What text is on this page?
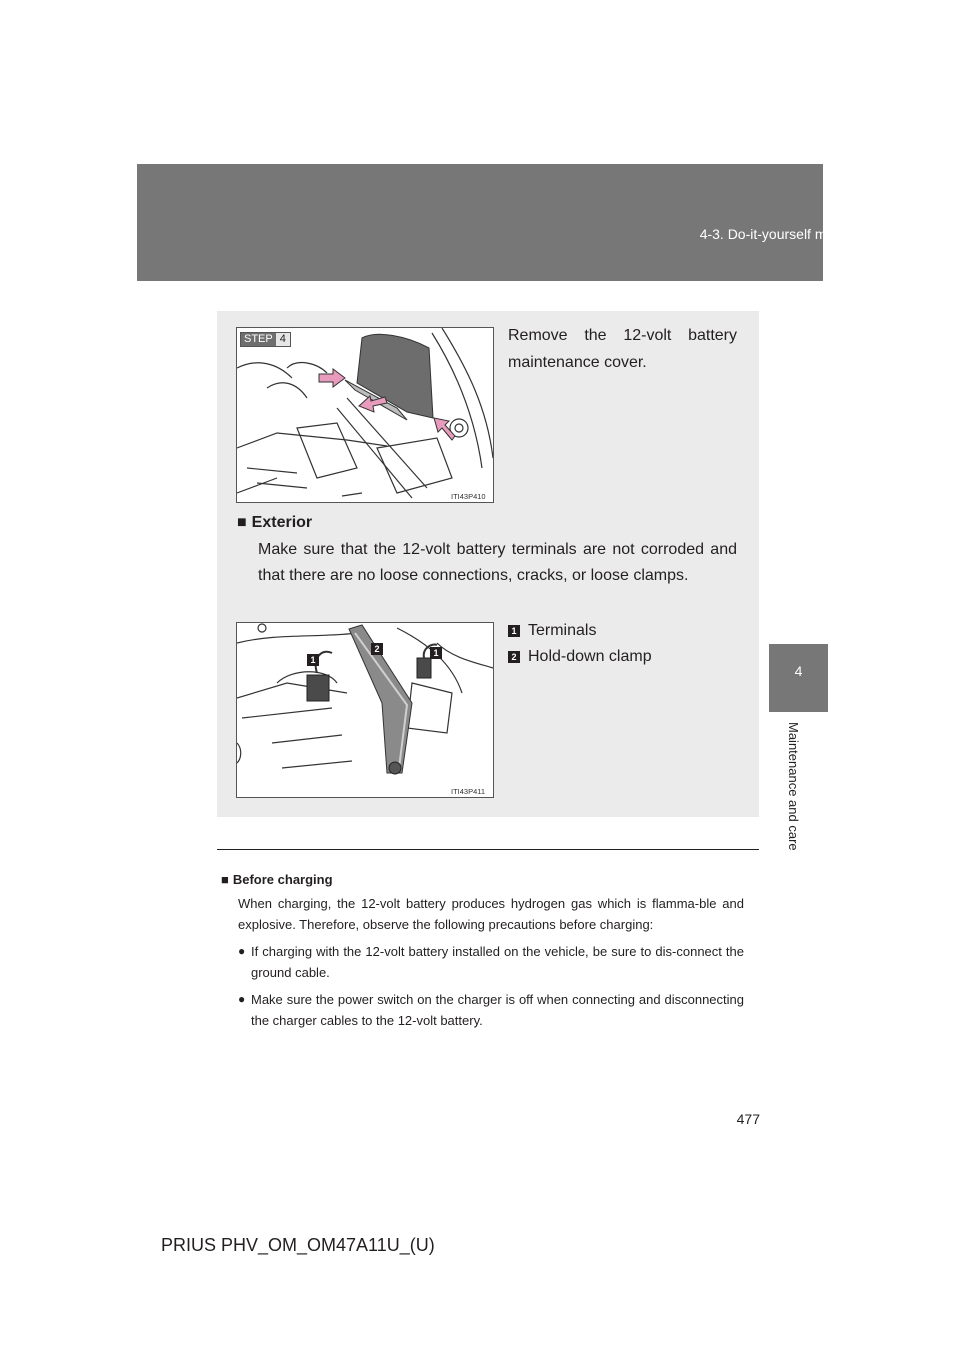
4-3. Do-it-yourself maintenance
4
Maintenance and care
STEP 4
ITI43P410
Remove the 12-volt battery maintenance cover.
■ Exterior
Make sure that the 12-volt battery terminals are not corroded and that there are no loose connections, cracks, or loose clamps.
1
2	1
ITI43P411
1 Terminals
2 Hold-down clamp
■ Before charging
When charging, the 12-volt battery produces hydrogen gas which is flamma-ble and explosive. Therefore, observe the following precautions before charging:
● If charging with the 12-volt battery installed on the vehicle, be sure to dis-connect the ground cable.
● Make sure the power switch on the charger is off when connecting and disconnecting the charger cables to the 12-volt battery.
477
PRIUS PHV_OM_OM47A11U_(U)
